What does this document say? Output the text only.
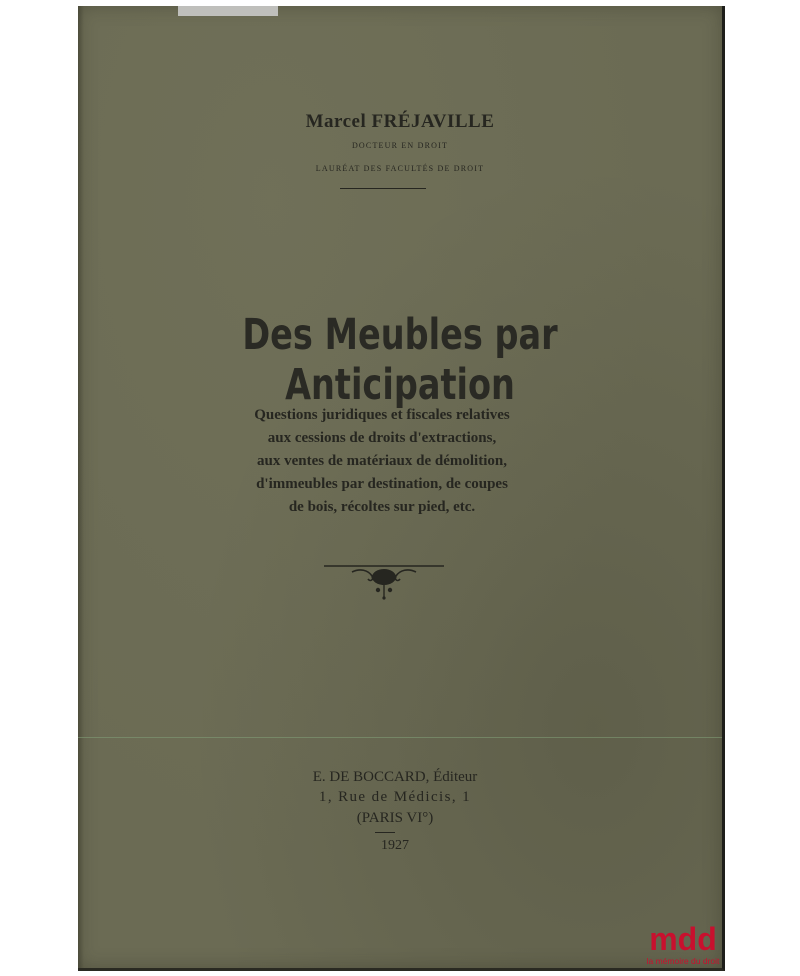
Marcel FRÉJAVILLE
DOCTEUR EN DROIT
LAURÉAT DES FACULTÉS DE DROIT
Des Meubles par Anticipation
Questions juridiques et fiscales relatives
aux cessions de droits d'extractions,
aux ventes de matériaux de démolition,
d'immeubles par destination, de coupes
de bois, récoltes sur pied, etc.
E. DE BOCCARD, Éditeur
1, Rue de Médicis, 1
(PARIS VI°)
1927
mdd
la mémoire du droit
